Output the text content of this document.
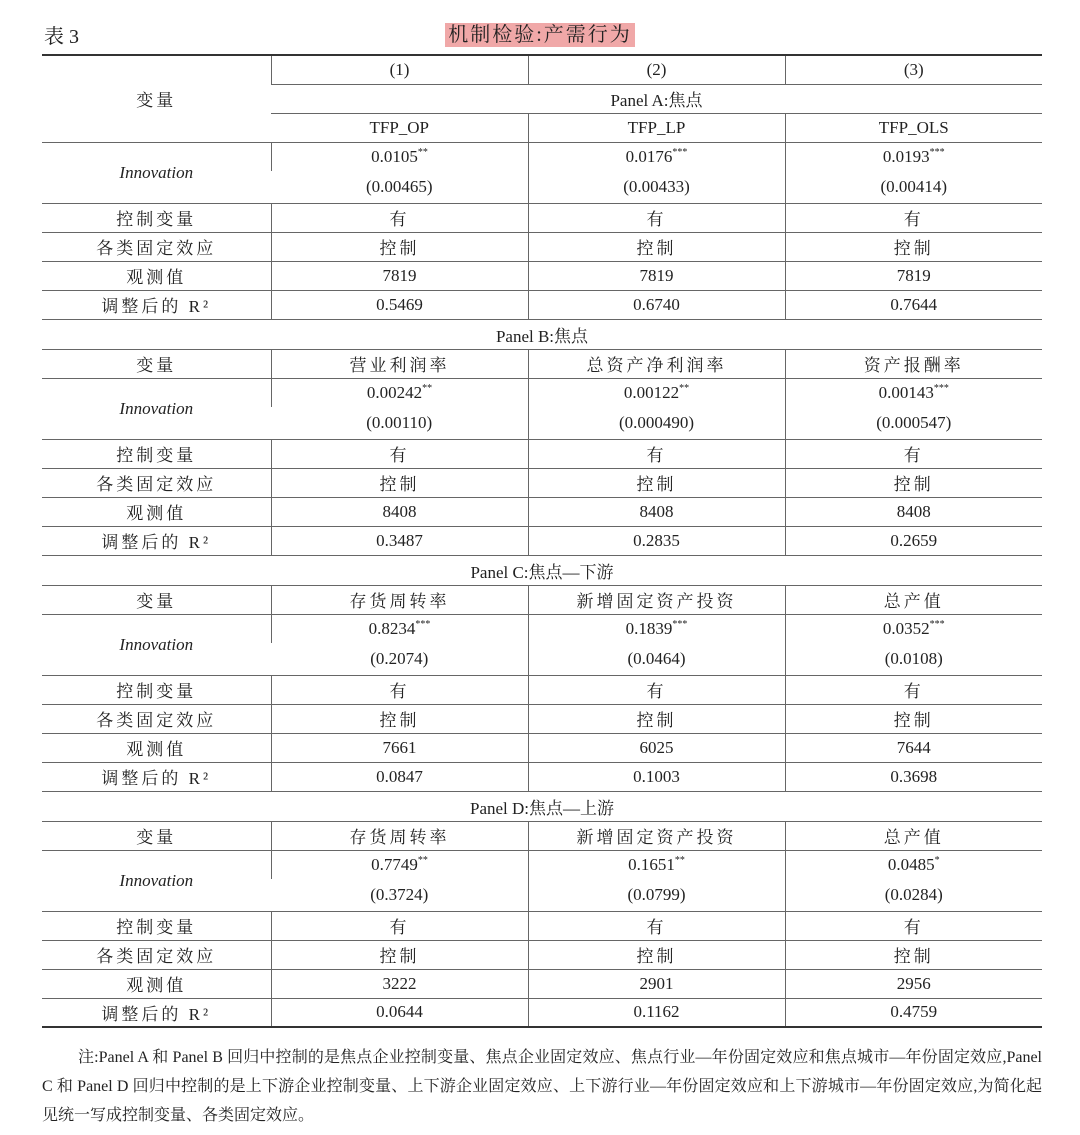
表 3	机制检验:产需行为
变量	(1)	(2)	(3)
	Panel A:焦点		
	TFP_OP	TFP_LP	TFP_OLS
Innovation	0.0105**	0.0176***	0.0193***
	(0.00465)	(0.00433)	(0.00414)
控制变量	有	有	有
各类固定效应	控制	控制	控制
观测值	7819	7819	7819
调整后的 R²	0.5469	0.6740	0.7644
Panel B:焦点			
变量	营业利润率	总资产净利润率	资产报酬率
Innovation	0.00242**	0.00122**	0.00143***
	(0.00110)	(0.000490)	(0.000547)
控制变量	有	有	有
各类固定效应	控制	控制	控制
观测值	8408	8408	8408
调整后的 R²	0.3487	0.2835	0.2659
Panel C:焦点—下游			
变量	存货周转率	新增固定资产投资	总产值
Innovation	0.8234***	0.1839***	0.0352***
	(0.2074)	(0.0464)	(0.0108)
控制变量	有	有	有
各类固定效应	控制	控制	控制
观测值	7661	6025	7644
调整后的 R²	0.0847	0.1003	0.3698
Panel D:焦点—上游			
变量	存货周转率	新增固定资产投资	总产值
Innovation	0.7749**	0.1651**	0.0485*
	(0.3724)	(0.0799)	(0.0284)
控制变量	有	有	有
各类固定效应	控制	控制	控制
观测值	3222	2901	2956
调整后的 R²	0.0644	0.1162	0.4759
注:Panel A 和 Panel B 回归中控制的是焦点企业控制变量、焦点企业固定效应、焦点行业—年份固定效应和焦点城市—年份固定效应,Panel C 和 Panel D 回归中控制的是上下游企业控制变量、上下游企业固定效应、上下游行业—年份固定效应和上下游城市—年份固定效应,为简化起见统一写成控制变量、各类固定效应。
